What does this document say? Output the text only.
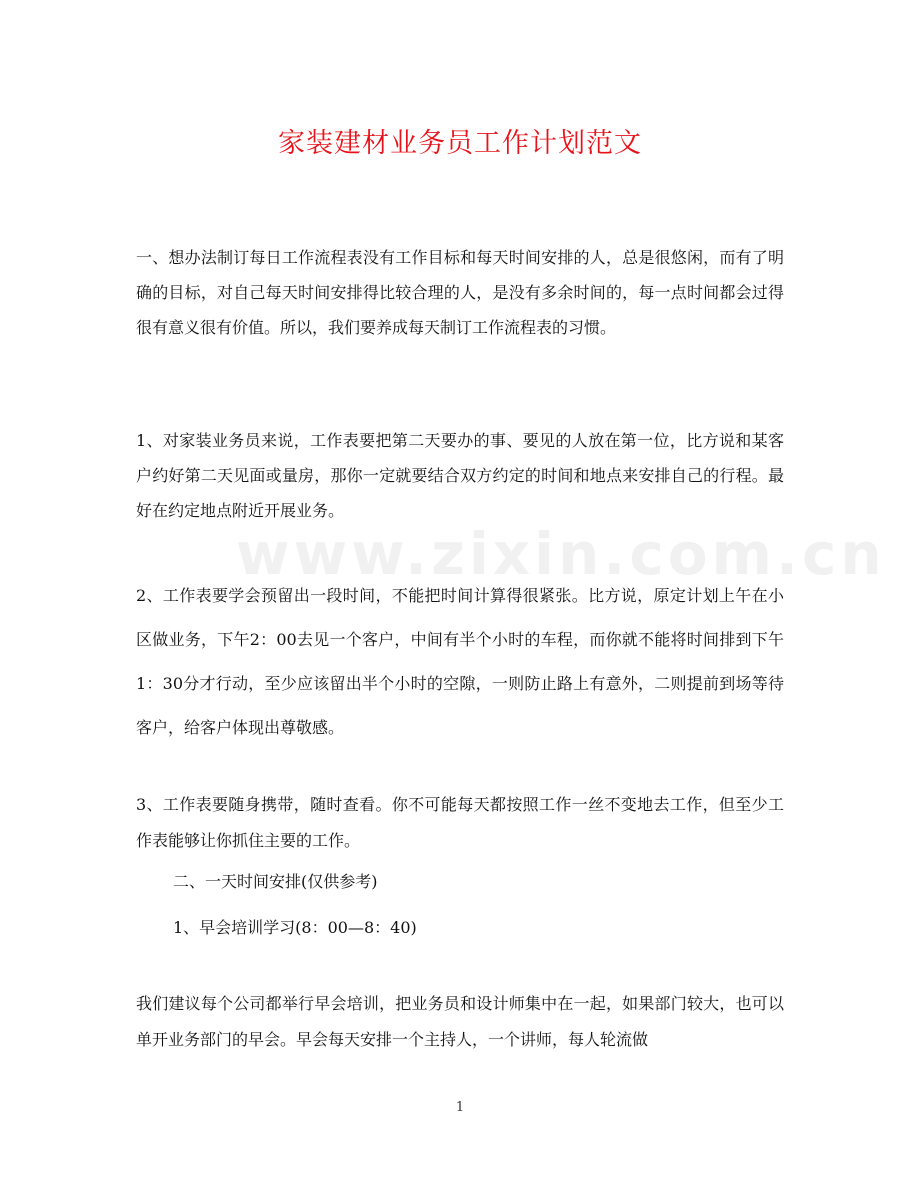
家装建材业务员工作计划范文

一、想办法制订每日工作流程表没有工作目标和每天时间安排的人，总是很悠闲，而有了明确的目标，对自己每天时间安排得比较合理的人，是没有多余时间的，每一点时间都会过得很有意义很有价值。所以，我们要养成每天制订工作流程表的习惯。

1、对家装业务员来说，工作表要把第二天要办的事、要见的人放在第一位，比方说和某客户约好第二天见面或量房，那你一定就要结合双方约定的时间和地点来安排自己的行程。最好在约定地点附近开展业务。

2、工作表要学会预留出一段时间，不能把时间计算得很紧张。比方说，原定计划上午在小区做业务，下午2：00去见一个客户，中间有半个小时的车程，而你就不能将时间排到下午1：30分才行动，至少应该留出半个小时的空隙，一则防止路上有意外，二则提前到场等待客户，给客户体现出尊敬感。

3、工作表要随身携带，随时查看。你不可能每天都按照工作一丝不变地去工作，但至少工作表能够让你抓住主要的工作。

二、一天时间安排(仅供参考)

1、早会培训学习(8：00—8：40)

我们建议每个公司都举行早会培训，把业务员和设计师集中在一起，如果部门较大，也可以单开业务部门的早会。早会每天安排一个主持人，一个讲师，每人轮流做

www.zixin.com.cn
1
